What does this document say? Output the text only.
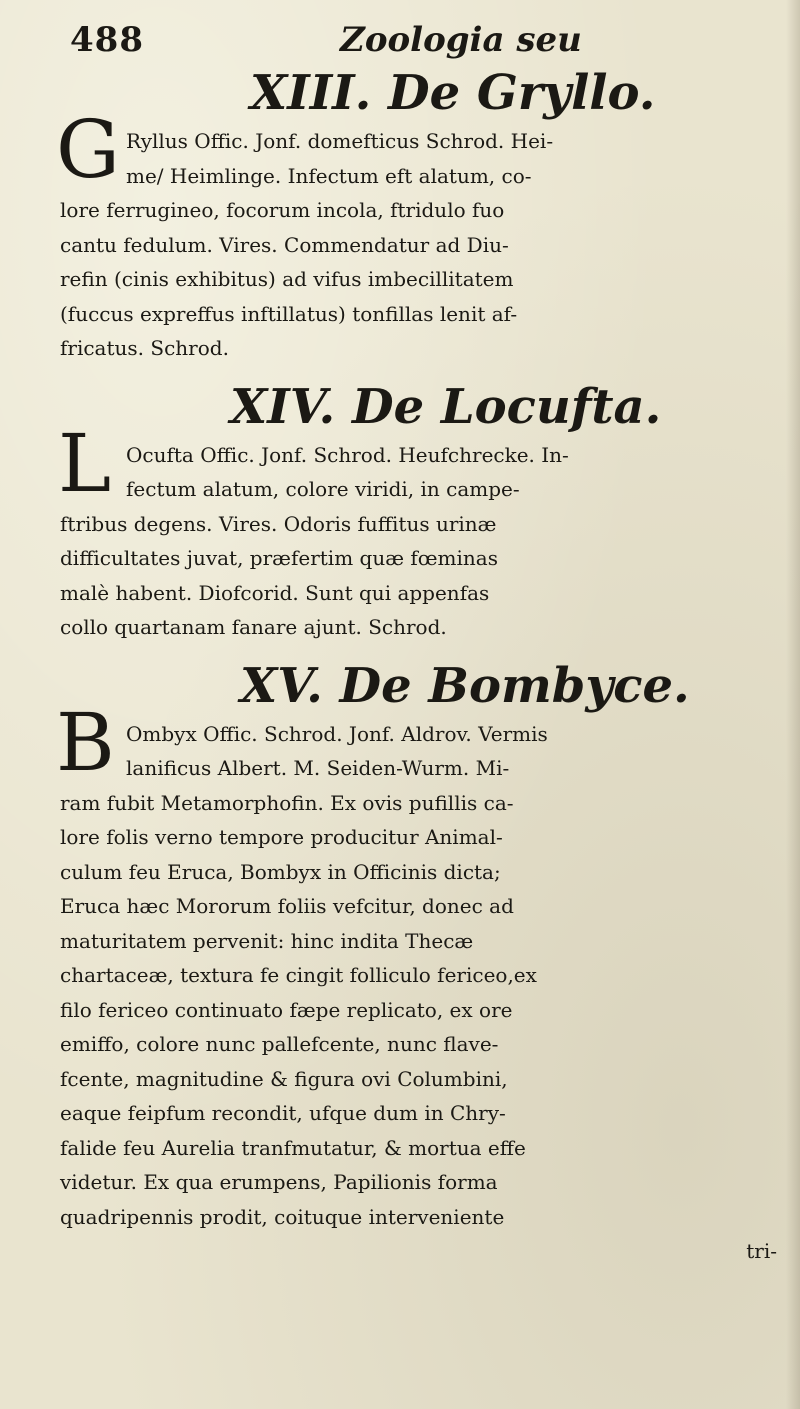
488	Zoologia seu
XIII. De Gryllo.
G Ryllus Offic. Jonf. domefticus Schrod. Hei-
me/ Heimlinge. Infectum eft alatum, co-
lore ferrugineo, focorum incola, ftridulo fuo
cantu fedulum. Vires. Commendatur ad Diu-
refin (cinis exhibitus) ad vifus imbecillitatem
(fuccus expreffus inftillatus) tonfillas lenit af-
fricatus. Schrod.
XIV. De Locufta.
L Ocufta Offic. Jonf. Schrod. Heufchrecke. In-
fectum alatum, colore viridi, in campe-
ftribus degens. Vires. Odoris fuffitus urinæ
difficultates juvat, præfertim quæ fœminas
malè habent. Diofcorid. Sunt qui appenfas
collo quartanam fanare ajunt. Schrod.
XV. De Bombyce.
B Ombyx Offic. Schrod. Jonf. Aldrov. Vermis
lanificus Albert. M. Seiden-Wurm. Mi-
ram fubit Metamorphofin. Ex ovis pufillis ca-
lore folis verno tempore producitur Animal-
culum feu Eruca, Bombyx in Officinis dicta;
Eruca hæc Mororum foliis vefcitur, donec ad
maturitatem pervenit: hinc indita Thecæ
chartaceæ, textura fe cingit folliculo fericeo,ex
filo fericeo continuato fæpe replicato, ex ore
emiffo, colore nunc pallefcente, nunc flave-
fcente, magnitudine & figura ovi Columbini,
eaque feipfum recondit, ufque dum in Chry-
falide feu Aurelia tranfmutatur, & mortua effe
videtur. Ex qua erumpens, Papilionis forma
quadripennis prodit, coituque interveniente
tri-
